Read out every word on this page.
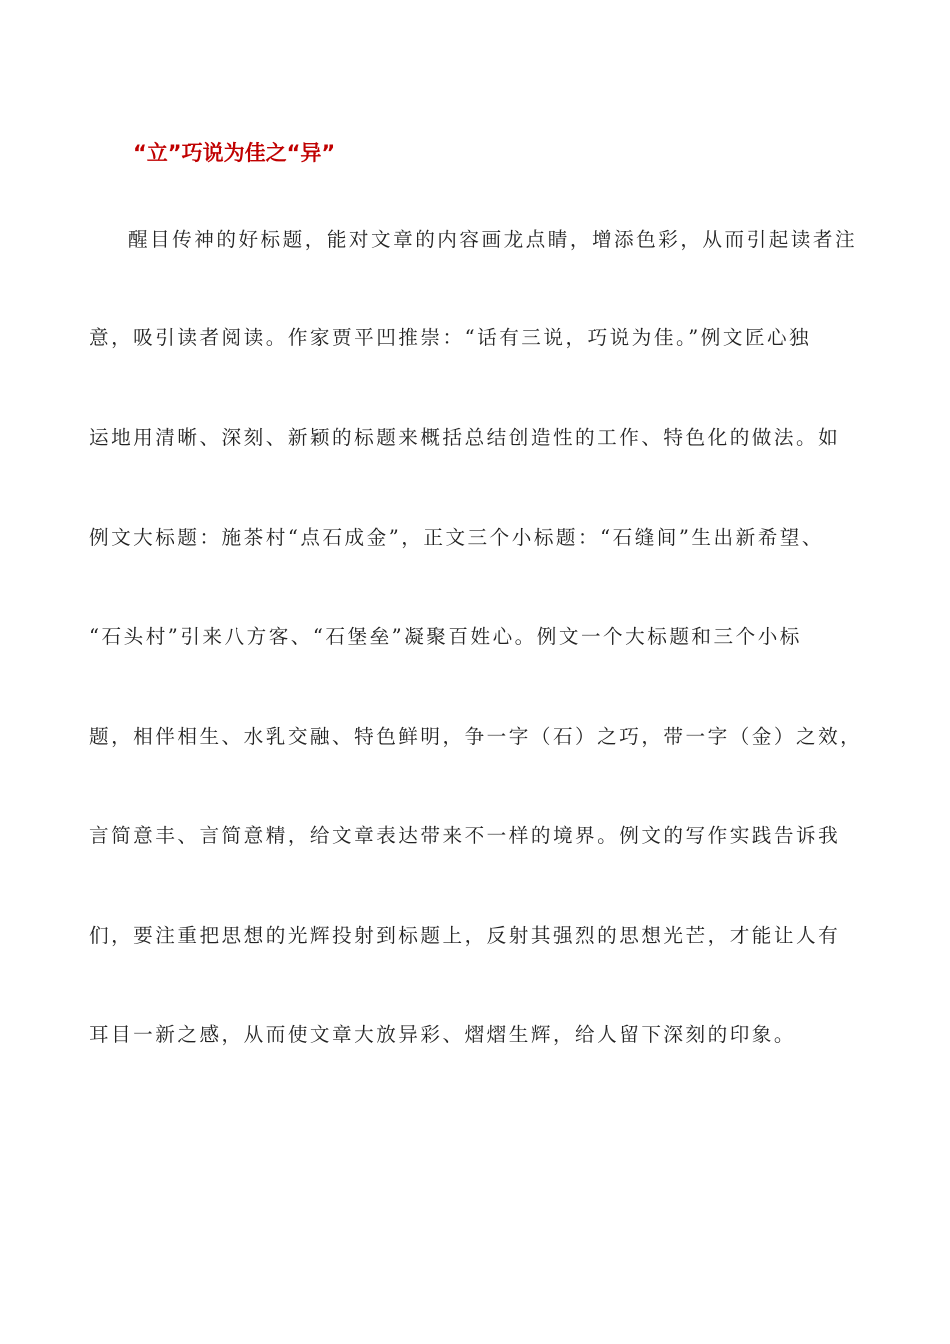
“立”巧说为佳之“异”
醒目传神的好标题，能对文章的内容画龙点睛，增添色彩，从而引起读者注
意，吸引读者阅读。作家贾平凹推崇：“话有三说，巧说为佳。”例文匠心独
运地用清晰、深刻、新颖的标题来概括总结创造性的工作、特色化的做法。如
例文大标题：施茶村“点石成金”，正文三个小标题：“石缝间”生出新希望、
“石头村”引来八方客、“石堡垒”凝聚百姓心。例文一个大标题和三个小标
题，相伴相生、水乳交融、特色鲜明，争一字（石）之巧，带一字（金）之效，
言简意丰、言简意精，给文章表达带来不一样的境界。例文的写作实践告诉我
们，要注重把思想的光辉投射到标题上，反射其强烈的思想光芒，才能让人有
耳目一新之感，从而使文章大放异彩、熠熠生辉，给人留下深刻的印象。
